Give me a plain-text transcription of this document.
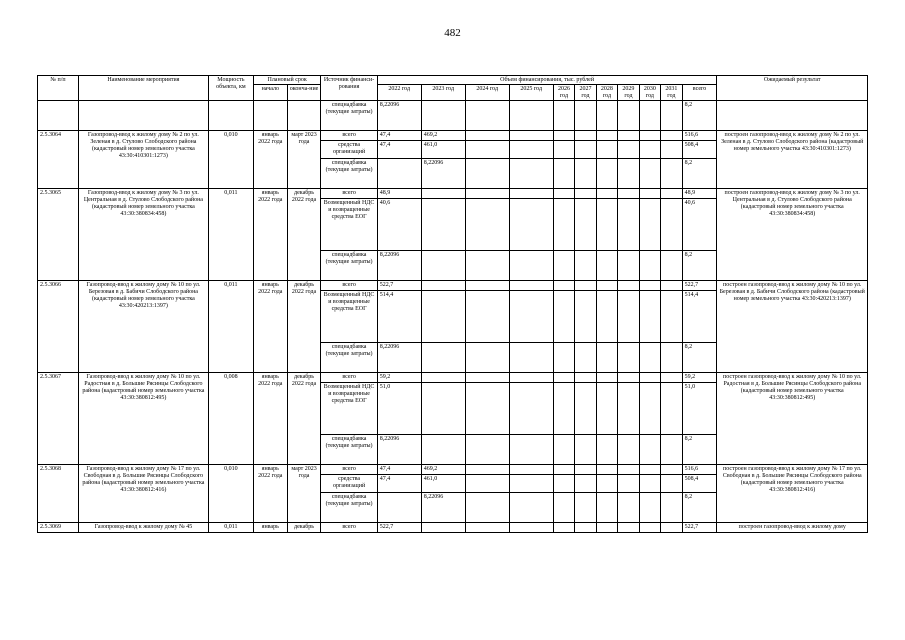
482
№ п/п	Наименование мероприятия	Мощность объекта, км	Плановый срок		Источник финанси-рования	Объем финансирования, тыс. рублей											Ожидаемый результат
			начало	оконча-ние		2022 год	2023 год	2024 год	2025 год	2026 год	2027 год	2028 год	2029 год	2030 год	2031 год	всего	
					спецнадбавка (текущие затраты)	8,22096										8,2	
2.5.3064	Газопровод-ввод к жилому дому № 2 по ул. Зеленая в д. Стулово Слободского района (кадастровый номер земельного участка 43:30:410301:1273)	0,010	январь 2022 года	март 2023 года	всего	47,4	469,2									516,6	построен газопровод-ввод к жилому дому № 2 по ул. Зеленая в д. Стулово Слободского района (кадастровый номер земельного участка 43:30:410301:1273)
					средства организаций	47,4	461,0									508,4	
					спецнадбавка (текущие затраты)		8,22096									8,2	
2.5.3065	Газопровод-ввод к жилому дому № 3 по ул. Центральная в д. Стулово Слободского района (кадастровый номер земельного участка 43:30:380834:458)	0,011	январь 2022 года	декабрь 2022 года	всего	48,9										48,9	построен газопровод-ввод к жилому дому № 3 по ул. Центральная в д. Стулово Слободского района (кадастровый номер земельного участка 43:30:380834:458)
					Возмещенный НДС и возвращенные средства ЕОГ	40,6										40,6	
					спецнадбавка (текущие затраты)	8,22096										8,2	
2.5.3066	Газопровод-ввод к жилому дому № 10 по ул. Березовая в д. Бабичи Слободского района (кадастровый номер земельного участка 43:30:420213:1397)	0,011	январь 2022 года	декабрь 2022 года	всего	522,7										522,7	построен газопровод-ввод к жилому дому № 10 по ул. Березовая в д. Бабичи Слободского района (кадастровый номер земельного участка 43:30:420213:1397)
					Возмещенный НДС и возвращенные средства ЕОГ	514,4										514,4	
					спецнадбавка (текущие затраты)	8,22096										8,2	
2.5.3067	Газопровод-ввод к жилому дому № 10 по ул. Радостная в д. Большие Рясинцы Слободского района (кадастровый номер земельного участка 43:30:380812:495)	0,008	январь 2022 года	декабрь 2022 года	всего	59,2										59,2	построен газопровод-ввод к жилому дому № 10 по ул. Радостная в д. Большие Рясинцы Слободского района (кадастровый номер земельного участка 43:30:380812:495)
					Возмещенный НДС и возвращенные средства ЕОГ	51,0										51,0	
					спецнадбавка (текущие затраты)	8,22096										8,2	
2.5.3068	Газопровод-ввод к жилому дому № 17 по ул. Свободная в д. Большие Рясинцы Слободского района (кадастровый номер земельного участка 43:30:380812:416)	0,010	январь 2022 года	март 2023 года	всего	47,4	469,2									516,6	построен газопровод-ввод к жилому дому № 17 по ул. Свободная в д. Большие Рясинцы Слободского района (кадастровый номер земельного участка 43:30:380812:416)
					средства организаций	47,4	461,0									508,4	
					спецнадбавка (текущие затраты)		8,22096									8,2	
2.5.3069	Газопровод-ввод к жилому дому № 45	0,011	январь	декабрь	всего	522,7										522,7	построен газопровод-ввод к жилому дому
